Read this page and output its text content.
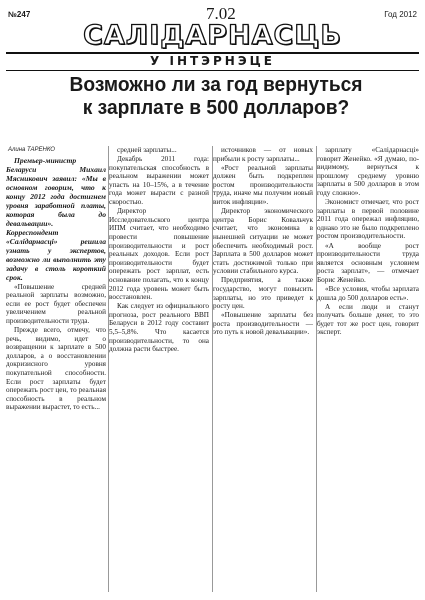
№247	7.02	Год 2012
САЛІДАРНАСЦЬ
У ІНТЭРНЭЦЕ
Возможно ли за год вернуться
к зарплате в 500 долларов?
Алина ТАРЕНКО

Премьер-министр Беларуси Михаил Мясникович заявил: «Мы в основном говорим, что к концу 2012 года достигнем уровня заработной платы, которая была до девальвации». Корреспондент «Салідарнасці» решила узнать у экспертов, возможно ли выполнить эту задачу в столь короткий срок.

«Повышение средней реальной зарплаты возможно, если ее рост будет обеспечен увеличением реальной производительности труда.

Прежде всего, отмечу, что речь, видимо, идет о возвращении к зарплате в 500 долларов, а о восстановлении докризисного уровня покупательной способности. Если рост зарплаты будет опережать рост цен, то реальная способность в реальном выражении вырастет, то есть...

средней зарплаты...

Декабрь 2011 года: покупательская способность в реальном выражении может упасть на 10–15%, а в течение года может вырасти с разной скоростью.

Директор Исследовательского центра ИПМ считает, что необходимо провести повышение производительности и рост реальных доходов. Если рост производительности будет опережать рост зарплат, есть основание полагать, что к концу 2012 года уровень может быть восстановлен.

Как следует из официального прогноза, рост реального ВВП Беларуси в 2012 году составит 5,5–5,8%. Что касается производительности, то она должна расти быстрее.

источников — от новых прибыли к росту зарплаты...

«Рост реальной зарплаты должен быть подкреплен ростом производительности труда, иначе мы получим новый виток инфляции».

Директор экономического центра Борис Ковальчук считает, что экономика в нынешней ситуации не может обеспечить необходимый рост. Зарплата в 500 долларов может стать достижимой только при условии стабильного курса.

Предприятия, а также государство, могут повысить зарплаты, но это приведет к росту цен.

«Повышение зарплаты без роста производительности — это путь к новой девальвации».

зарплату «Салідарнасці» говорит Женейко. «Я думаю, по-видимому, вернуться к прошлому среднему уровню зарплаты в 500 долларов в этом году сложно».

Экономист отмечает, что рост зарплаты в первой половине 2011 года опережал инфляцию, однако это не было подкреплено ростом производительности.

«А вообще рост производительности труда является основным условием роста зарплат», — отмечает Борис Женейко.

«Все условия, чтобы зарплата дошла до 500 долларов есть».

А если люди и станут получать больше денег, то это будет тот же рост цен, говорит эксперт.
